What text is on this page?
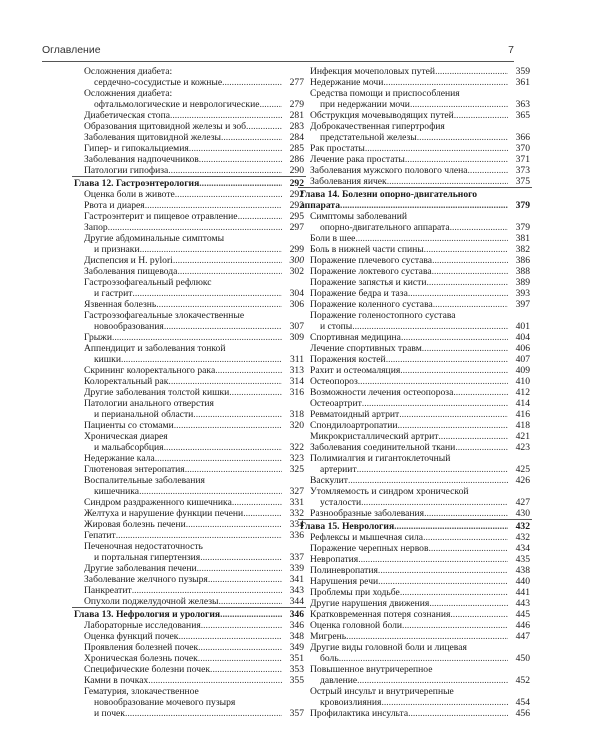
Оглавление	7
Осложнения диабета:
сердечно-сосудистые и кожные .....	277
Осложнения диабета:
офтальмологические и неврологические .....	279
Диабетическая стопа .....	281
Образования щитовидной железы и зоб .....	283
Заболевания щитовидной железы .....	284
Гипер- и гипокальциемия .....	285
Заболевания надпочечников .....	286
Патологии гипофиза .....	290
Глава 12. Гастроэнтерология .....	292
Оценка боли в животе .....	292
Рвота и диарея .....	292
Гастроэнтерит и пищевое отравление .....	295
Запор .....	297
Другие абдоминальные симптомы
и признаки .....	299
Диспепсия и H. pylori .....	300
Заболевания пищевода .....	302
Гастроэзофагеальный рефлюкс
и гастрит .....	304
Язвенная болезнь .....	306
Гастроэзофагеальные злокачественные
новообразования .....	307
Грыжи .....	309
Аппендицит и заболевания тонкой
кишки .....	311
Скрининг колоректального рака .....	313
Колоректальный рак .....	314
Другие заболевания толстой кишки .....	316
Патологии анального отверстия
и перианальной области .....	318
Пациенты со стомами .....	320
Хроническая диарея
и мальабсорбция .....	322
Недержание кала .....	323
Глютеновая энтеропатия .....	325
Воспалительные заболевания
кишечника .....	327
Синдром раздраженного кишечника .....	331
Желтуха и нарушение функции печени .....	332
Жировая болезнь печени .....	334
Гепатит .....	336
Печеночная недостаточность
и портальная гипертензия .....	337
Другие заболевания печени .....	339
Заболевание желчного пузыря .....	341
Панкреатит .....	343
Опухоли поджелудочной железы .....	344
Глава 13. Нефрология и урология .....	346
Лабораторные исследования .....	346
Оценка функций почек .....	348
Проявления болезней почек .....	349
Хроническая болезнь почек .....	351
Специфические болезни почек .....	353
Камни в почках .....	355
Гематурия, злокачественное
новообразование мочевого пузыря
и почек .....	357
Инфекция мочеполовых путей .....	359
Недержание мочи .....	361
Средства помощи и приспособления
при недержании мочи .....	363
Обструкция мочевыводящих путей .....	365
Доброкачественная гипертрофия
предстательной железы .....	366
Рак простаты .....	370
Лечение рака простаты .....	371
Заболевания мужского полового члена .....	373
Заболевания яичек .....	375
Глава 14. Болезни опорно-двигательного
аппарата .....	379
Симптомы заболеваний
опорно-двигательного аппарата .....	379
Боли в шее .....	381
Боль в нижней части спины .....	382
Поражение плечевого сустава .....	386
Поражение локтевого сустава .....	388
Поражение запястья и кисти .....	389
Поражение бедра и таза .....	393
Поражение коленного сустава .....	397
Поражение голеностопного сустава
и стопы .....	401
Спортивная медицина .....	404
Лечение спортивных травм .....	406
Поражения костей .....	407
Рахит и остеомаляция .....	409
Остеопороз .....	410
Возможности лечения остеопороза .....	412
Остеоартрит .....	414
Ревматоидный артрит .....	416
Спондилоартропатии .....	418
Микрокристаллический артрит .....	421
Заболевания соединительной ткани .....	423
Полимиалгия и гигантоклеточный
артериит .....	425
Васкулит .....	426
Утомляемость и синдром хронической
усталости .....	427
Разнообразные заболевания .....	430
Глава 15. Неврология .....	432
Рефлексы и мышечная сила .....	432
Поражение черепных нервов .....	434
Невропатия .....	435
Полиневропатия .....	438
Нарушения речи .....	440
Проблемы при ходьбе .....	441
Другие нарушения движения .....	443
Кратковременная потеря сознания .....	445
Оценка головной боли .....	446
Мигрень .....	447
Другие виды головной боли и лицевая
боль .....	450
Повышенное внутричерепное
давление .....	452
Острый инсульт и внутричерепные
кровоизлияния .....	454
Профилактика инсульта .....	456
